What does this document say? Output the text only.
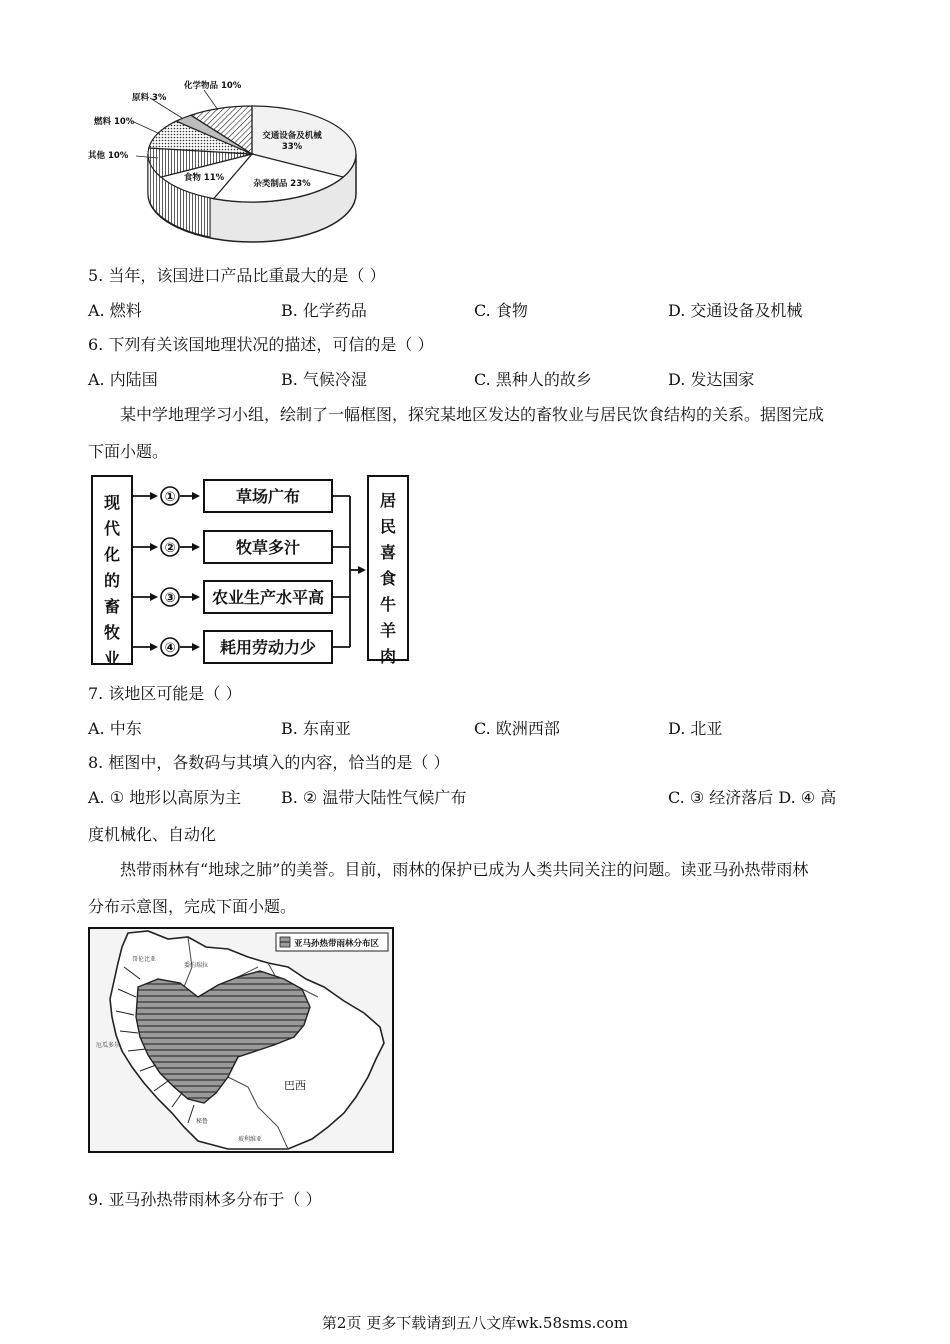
交通设备及机械 33%
杂类制品 23%
食物 11%
其他 10%
燃料 10%
原料 3%
化学物品 10%
5. 当年，该国进口产品比重最大的是（ ）
A. 燃料	B. 化学药品	C. 食物	D. 交通设备及机械
6. 下列有关该国地理状况的描述，可信的是（ ）
A. 内陆国	B. 气候冷湿	C. 黑种人的故乡	D. 发达国家
某中学地理学习小组，绘制了一幅框图，探究某地区发达的畜牧业与居民饮食结构的关系。据图完成
下面小题。
现
代
化
的
畜
牧
业
居
民
喜
食
牛
羊
肉
①
②
③
④
草场广布
牧草多汁
农业生产水平高
耗用劳动力少
7. 该地区可能是（ ）
A. 中东	B. 东南亚	C. 欧洲西部	D. 北亚
8. 框图中，各数码与其填入的内容，恰当的是（ ）
A. ① 地形以高原为主 B. ② 温带大陆性气候广布	C. ③ 经济落后 D. ④ 高
度机械化、自动化
热带雨林有“地球之肺”的美誉。目前，雨林的保护已成为人类共同关注的问题。读亚马孙热带雨林
分布示意图，完成下面小题。
亚马孙热带雨林分布区
巴西
委内瑞拉
哥伦比亚
厄瓜多尔
秘鲁
玻利维亚
9. 亚马孙热带雨林多分布于（ ）
第2页 更多下载请到五八文库wk.58sms.com
